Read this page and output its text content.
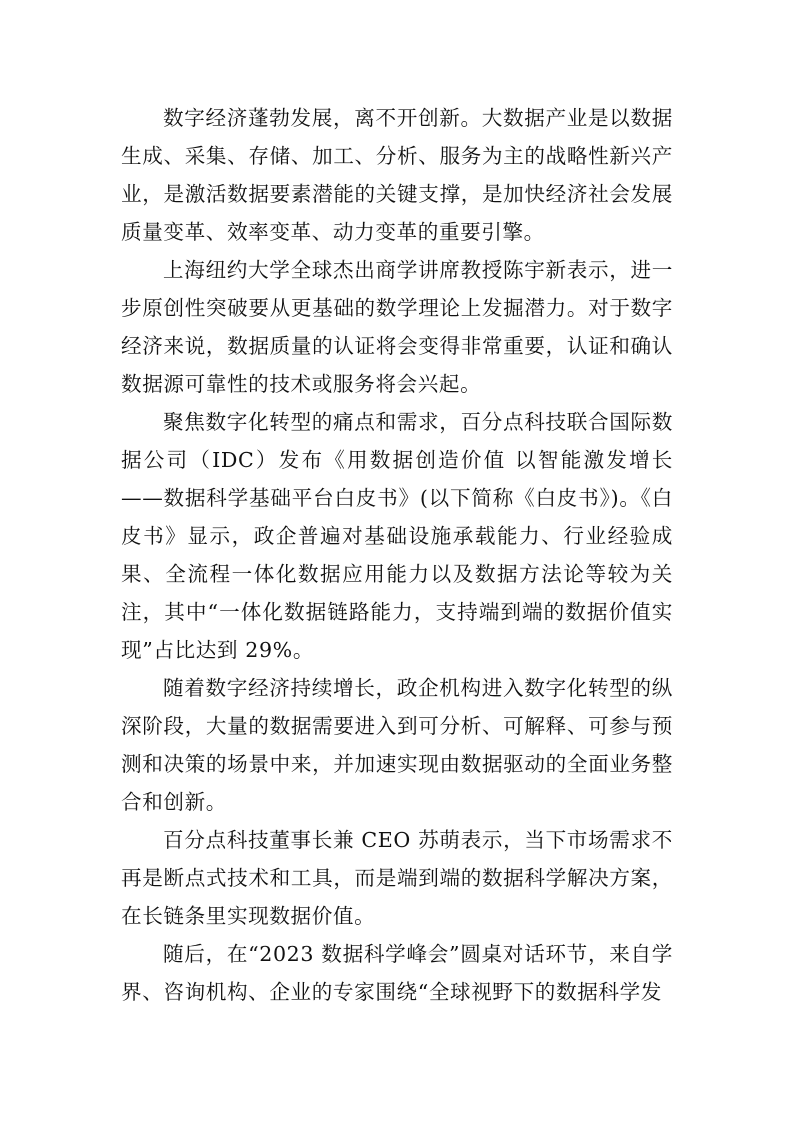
数字经济蓬勃发展，离不开创新。大数据产业是以数据生成、采集、存储、加工、分析、服务为主的战略性新兴产业，是激活数据要素潜能的关键支撑，是加快经济社会发展质量变革、效率变革、动力变革的重要引擎。

上海纽约大学全球杰出商学讲席教授陈宇新表示，进一步原创性突破要从更基础的数学理论上发掘潜力。对于数字经济来说，数据质量的认证将会变得非常重要，认证和确认数据源可靠性的技术或服务将会兴起。

聚焦数字化转型的痛点和需求，百分点科技联合国际数据公司（IDC）发布《用数据创造价值 以智能激发增长——数据科学基础平台白皮书》(以下简称《白皮书》)。《白皮书》显示，政企普遍对基础设施承载能力、行业经验成果、全流程一体化数据应用能力以及数据方法论等较为关注，其中“一体化数据链路能力，支持端到端的数据价值实现”占比达到 29%。

随着数字经济持续增长，政企机构进入数字化转型的纵深阶段，大量的数据需要进入到可分析、可解释、可参与预测和决策的场景中来，并加速实现由数据驱动的全面业务整合和创新。

百分点科技董事长兼 CEO 苏萌表示，当下市场需求不再是断点式技术和工具，而是端到端的数据科学解决方案，在长链条里实现数据价值。

随后，在“2023 数据科学峰会”圆桌对话环节，来自学界、咨询机构、企业的专家围绕“全球视野下的数据科学发
